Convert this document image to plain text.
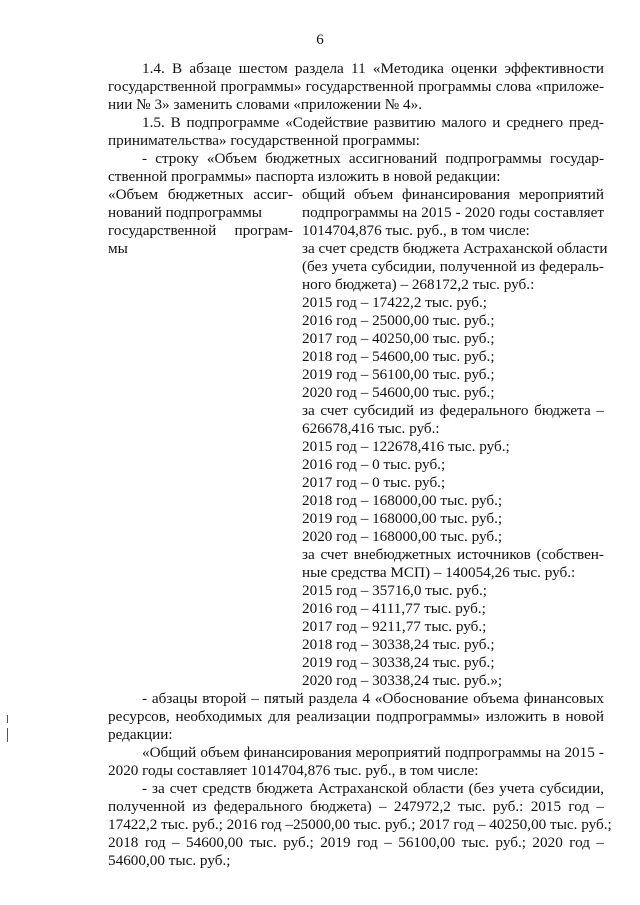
6
1.4. В абзаце шестом раздела 11 «Методика оценки эффективности
государственной программы» государственной программы слова «приложе-
нии № 3» заменить словами «приложении № 4».
1.5. В подпрограмме «Содействие развитию малого и среднего пред-
принимательства» государственной программы:
- строку «Объем бюджетных ассигнований подпрограммы государ-
ственной программы» паспорта изложить в новой редакции:
«Объем бюджетных ассиг-
нований подпрограммы
государственной програм-
мы
общий объем финансирования мероприятий
подпрограммы на 2015 - 2020 годы составляет
1014704,876 тыс. руб., в том числе:
за счет средств бюджета Астраханской области
(без учета субсидии, полученной из федераль-
ного бюджета) – 268172,2 тыс. руб.:
2015 год – 17422,2 тыс. руб.;
2016 год – 25000,00 тыс. руб.;
2017 год – 40250,00 тыс. руб.;
2018 год – 54600,00 тыс. руб.;
2019 год – 56100,00 тыс. руб.;
2020 год – 54600,00 тыс. руб.;
за счет субсидий из федерального бюджета –
626678,416 тыс. руб.:
2015 год – 122678,416 тыс. руб.;
2016 год – 0 тыс. руб.;
2017 год – 0 тыс. руб.;
2018 год – 168000,00 тыс. руб.;
2019 год – 168000,00 тыс. руб.;
2020 год – 168000,00 тыс. руб.;
за счет внебюджетных источников (собствен-
ные средства МСП) – 140054,26 тыс. руб.:
2015 год – 35716,0 тыс. руб.;
2016 год – 4111,77 тыс. руб.;
2017 год – 9211,77 тыс. руб.;
2018 год – 30338,24 тыс. руб.;
2019 год – 30338,24 тыс. руб.;
2020 год – 30338,24 тыс. руб.»;
- абзацы второй – пятый раздела 4 «Обоснование объема финансовых
ресурсов, необходимых для реализации подпрограммы» изложить в новой
редакции:
«Общий объем финансирования мероприятий подпрограммы на 2015 -
2020 годы составляет 1014704,876 тыс. руб., в том числе:
- за счет средств бюджета Астраханской области (без учета субсидии,
полученной из федерального бюджета) – 247972,2 тыс. руб.: 2015 год –
17422,2 тыс. руб.; 2016 год –25000,00 тыс. руб.; 2017 год – 40250,00 тыс. руб.;
2018 год – 54600,00 тыс. руб.; 2019 год – 56100,00 тыс. руб.; 2020 год –
54600,00 тыс. руб.;
